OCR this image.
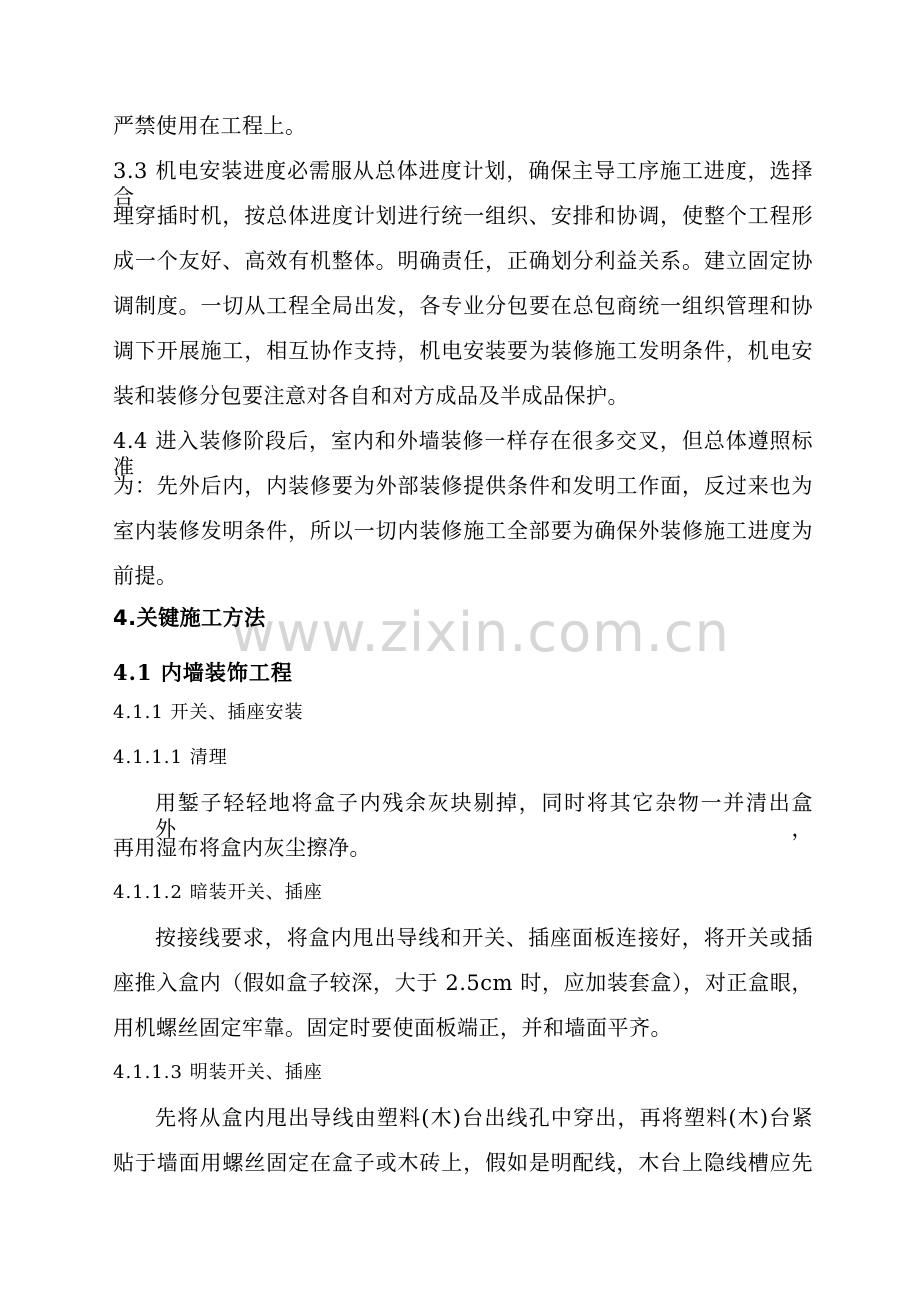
www.zixin.com.cn
严禁使用在工程上。
3.3 机电安装进度必需服从总体进度计划，确保主导工序施工进度，选择合
理穿插时机，按总体进度计划进行统一组织、安排和协调，使整个工程形
成一个友好、高效有机整体。明确责任，正确划分利益关系。建立固定协
调制度。一切从工程全局出发，各专业分包要在总包商统一组织管理和协
调下开展施工，相互协作支持，机电安装要为装修施工发明条件，机电安
装和装修分包要注意对各自和对方成品及半成品保护。
4.4 进入装修阶段后，室内和外墙装修一样存在很多交叉，但总体遵照标准
为：先外后内，内装修要为外部装修提供条件和发明工作面，反过来也为
室内装修发明条件，所以一切内装修施工全部要为确保外装修施工进度为
前提。
4.关键施工方法
4.1 内墙装饰工程
4.1.1 开关、插座安装
4.1.1.1 清理
用錾子轻轻地将盒子内残余灰块剔掉，同时将其它杂物一并清出盒外，
再用湿布将盒内灰尘擦净。
4.1.1.2 暗装开关、插座
按接线要求，将盒内甩出导线和开关、插座面板连接好，将开关或插
座推入盒内（假如盒子较深，大于 2.5cm 时，应加装套盒），对正盒眼，
用机螺丝固定牢靠。固定时要使面板端正，并和墙面平齐。
4.1.1.3 明装开关、插座
先将从盒内甩出导线由塑料(木)台出线孔中穿出，再将塑料(木)台紧
贴于墙面用螺丝固定在盒子或木砖上，假如是明配线，木台上隐线槽应先
